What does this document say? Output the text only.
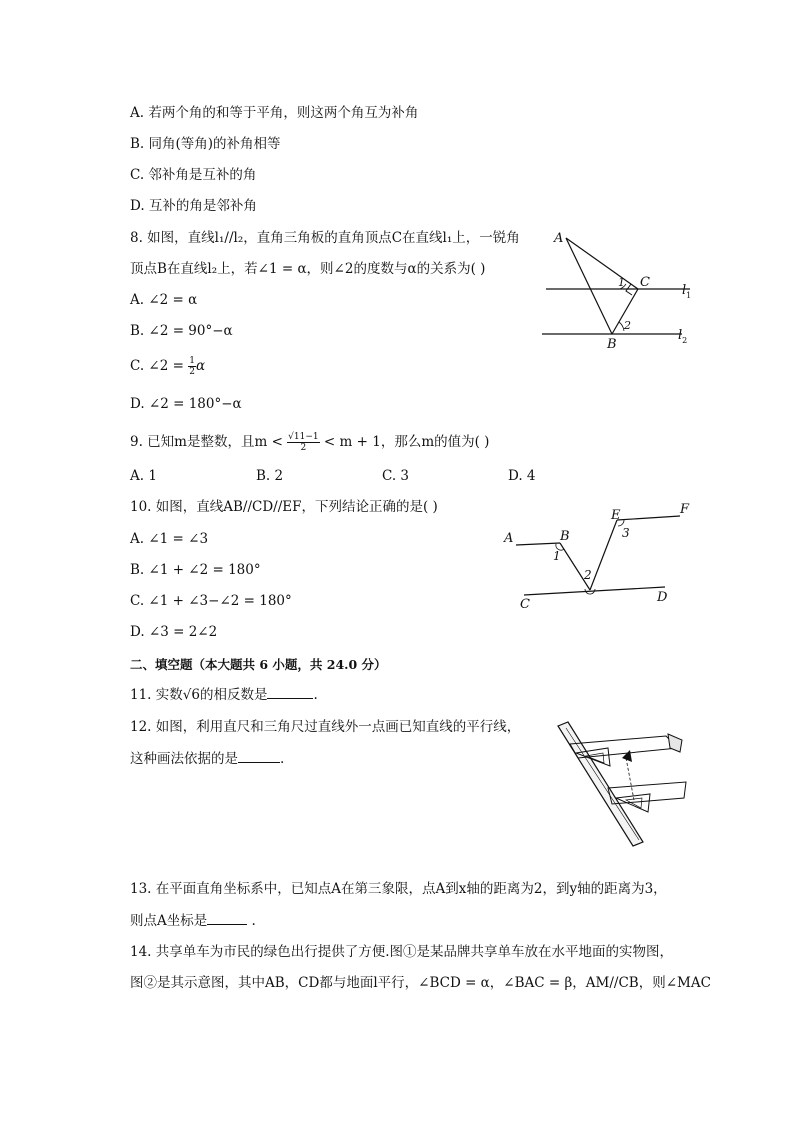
A. 若两个角的和等于平角，则这两个角互为补角
B. 同角(等角)的补角相等
C. 邻补角是互补的角
D. 互补的角是邻补角
8. 如图，直线l₁//l₂，直角三角板的直角顶点C在直线l₁上，一锐角
顶点B在直线l₂上，若∠1 = α，则∠2的度数与α的关系为( )
A. ∠2 = α
B. ∠2 = 90°−α
C. ∠2 = $\frac{1}{2}$ α
D. ∠2 = 180°−α
A
1 C
2
B
$l_1$
$l_2$
9. 已知m是整数，且$m < \frac{√11-1}{2} < m + 1$，那么m的值为( )
A. 1	B. 2	C. 3	D. 4
10. 如图，直线AB//CD//EF，下列结论正确的是( )
A. ∠1 = ∠3
B. ∠1 + ∠2 = 180°
C. ∠1 + ∠3−∠2 = 180°
D. ∠3 = 2∠2
A	B
1
2
C	D
E
3
F
二、填空题（本大题共 6 小题，共 24.0 分）
11. 实数√6的相反数是	.
12. 如图，利用直尺和三角尺过直线外一点画已知直线的平行线，
这种画法依据的是	.
13. 在平面直角坐标系中，已知点A在第三象限，点A到x轴的距离为2，到y轴的距离为3，
则点A坐标是	.
14. 共享单车为市民的绿色出行提供了方便.图①是某品牌共享单车放在水平地面的实物图，
图②是其示意图，其中AB，CD都与地面l平行，∠BCD = α，∠BAC = β，AM//CB，则∠MAC
